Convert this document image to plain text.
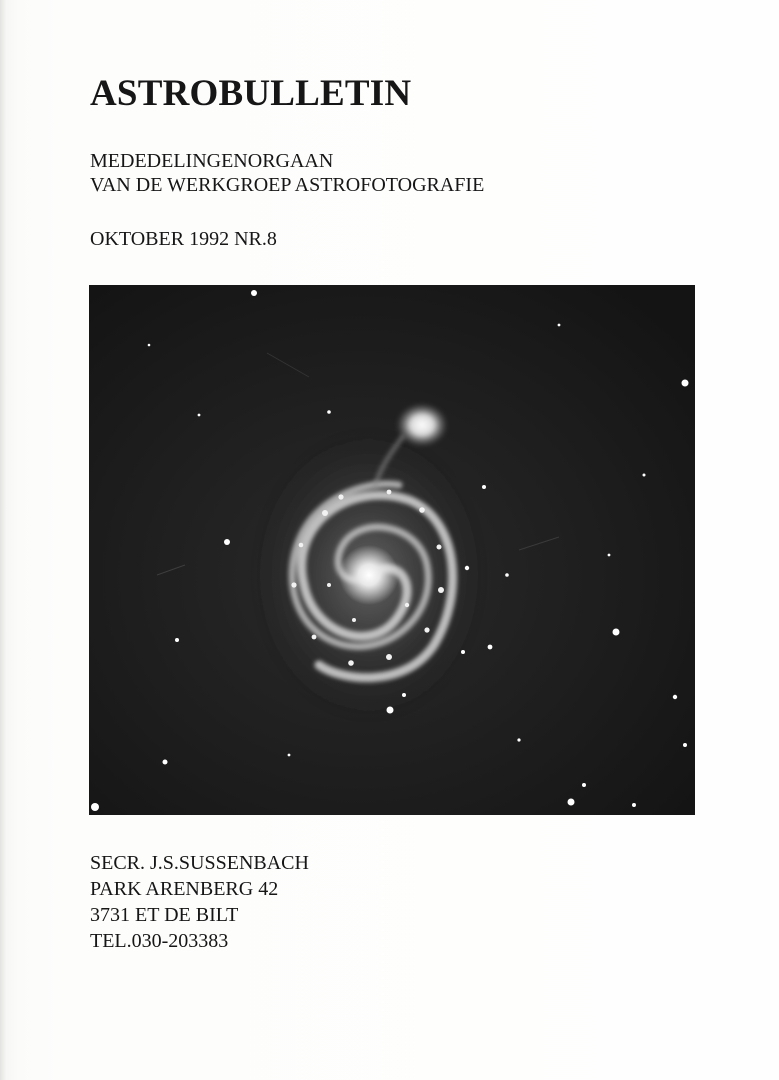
ASTROBULLETIN

MEDEDELINGENORGAAN

VAN DE WERKGROEP ASTROFOTOGRAFIE

OKTOBER 1992 NR.8

SECR. J.S.SUSSENBACH
PARK ARENBERG 42
3731 ET DE BILT
TEL.030-203383
